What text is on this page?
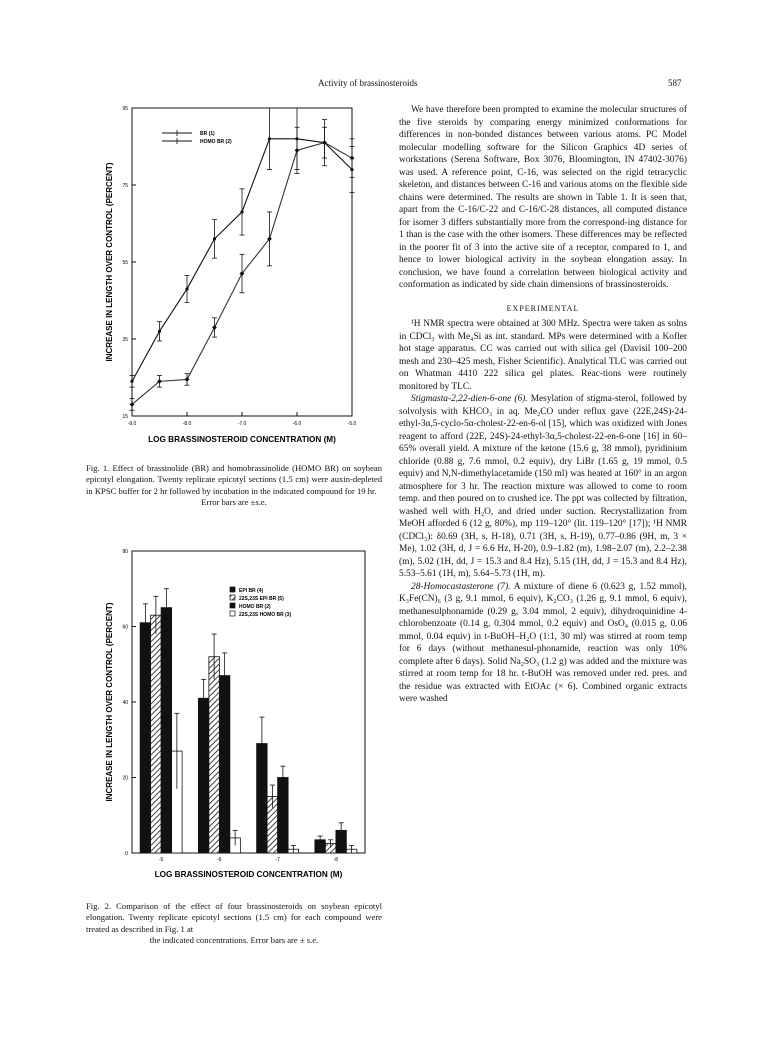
Activity of brassinosteroids	587
15
35
55
75
95
-9.0	-8.0	-7.0	-6.0	-5.0
LOG BRASSINOSTEROID CONCENTRATION (M)
INCREASE IN LENGTH OVER CONTROL (PERCENT)
BR (1)
HOMO BR (2)
Fig. 1. Effect of brassinolide (BR) and homobrassinolide (HOMO BR) on soybean epicotyl elongation. Twenty replicate epicotyl sections (1.5 cm) were auxin-depleted in KPSC buffer for 2 hr followed by incubation in the indicated compound for 19 hr.
Error bars are ±s.e.
0
20
40
60
80
-5	-6	-7	-8
LOG BRASSINOSTEROID CONCENTRATION (M)
INCREASE IN LENGTH OVER CONTROL (PERCENT)
EPI BR (4)
22S,23S EPI BR (5)
HOMO BR (2)
22S,23S HOMO BR (3)
Fig. 2. Comparison of the effect of four brassinosteroids on soybean epicotyl elongation. Twenty replicate epicotyl sections (1.5 cm) for each compound were treated as described in Fig. 1 at
the indicated concentrations. Error bars are ± s.e.

We have therefore been prompted to examine the molecular structures of the five steroids by comparing energy minimized conformations for differences in non-bonded distances between various atoms. PC Model molecular modelling software for the Silicon Graphics 4D series of workstations (Serena Software, Box 3076, Bloomington, IN 47402-3076) was used. A reference point, C-16, was selected on the rigid tetracyclic skeleton, and distances between C-16 and various atoms on the flexible side chains were determined. The results are shown in Table 1. It is seen that, apart from the C-16/C-22 and C-16/C-28 distances, all computed distance for isomer 3 differs substantially more from the correspond-ing distance for 1 than is the case with the other isomers. These differences may be reflected in the poorer fit of 3 into the active site of a receptor, compared to 1, and hence to lower biological activity in the soybean elongation assay. In conclusion, we have found a correlation between biological activity and conformation as indicated by side chain dimensions of brassinosteroids.

EXPERIMENTAL

¹H NMR spectra were obtained at 300 MHz. Spectra were taken as solns in CDCl₃ with Me₄Si as int. standard. MPs were determined with a Kofler hot stage apparatus. CC was carried out with silica gel (Davisil 100–200 mesh and 230–425 mesh, Fisher Scientific). Analytical TLC was carried out on Whatman 4410 222 silica gel plates. Reac-tions were routinely monitored by TLC.

Stigmasta-2,22-dien-6-one (6). Mesylation of stigma-sterol, followed by solvolysis with KHCO₃ in aq. Me₂CO under reflux gave (22E,24S)-24-ethyl-3α,5-cyclo-5α-cholest-22-en-6-ol [15], which was oxidized with Jones reagent to afford (22E, 24S)-24-ethyl-3α,5-cholest-22-en-6-one [16] in 60–65% overall yield. A mixture of the ketone (15.6 g, 38 mmol), pyridinium chloride (0.88 g, 7.6 mmol, 0.2 equiv), dry LiBr (1.65 g, 19 mmol, 0.5 equiv) and N,N-dimethylacetamide (150 ml) was heated at 160° in an argon atmosphere for 3 hr. The reaction mixture was allowed to come to room temp. and then poured on to crushed ice. The ppt was collected by filtration, washed well with H₂O, and dried under suction. Recrystallization from MeOH afforded 6 (12 g, 80%), mp 119–120° (lit. 119–120° [17]); ¹H NMR (CDCl₃): δ0.69 (3H, s, H-18), 0.71 (3H, s, H-19), 0.77–0.86 (9H, m, 3 × Me), 1.02 (3H, d, J = 6.6 Hz, H-20), 0.9–1.82 (m), 1.98–2.07 (m), 2.2–2.38 (m), 5.02 (1H, dd, J = 15.3 and 8.4 Hz), 5.15 (1H, dd, J = 15.3 and 8.4 Hz), 5.53–5.61 (1H, m), 5.64–5.73 (1H, m).

28-Homocastasterone (7). A mixture of diene 6 (0.623 g, 1.52 mmol), K₃Fe(CN)₆ (3 g, 9.1 mmol, 6 equiv), K₂CO₃ (1.26 g, 9.1 mmol, 6 equiv), methanesulphonamide (0.29 g, 3.04 mmol, 2 equiv), dihydroquinidine 4-chlorobenzoate (0.14 g, 0.304 mmol, 0.2 equiv) and OsO₄ (0.015 g, 0.06 mmol, 0.04 equiv) in t-BuOH–H₂O (1:1, 30 ml) was stirred at room temp for 6 days (without methanesul-phonamide, reaction was only 10% complete after 6 days). Solid Na₂SO₃ (1.2 g) was added and the mixture was stirred at room temp for 18 hr. t-BuOH was removed under red. pres. and the residue was extracted with EtOAc (× 6). Combined organic extracts were washed
